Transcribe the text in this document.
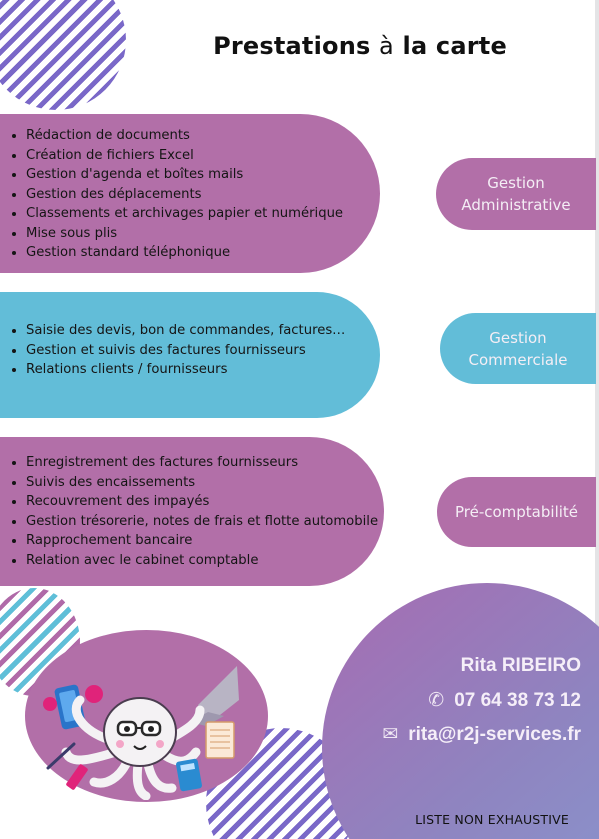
Prestations à la carte
• Rédaction de documents
• Création de fichiers Excel
• Gestion d'agenda et boîtes mails
• Gestion des déplacements
• Classements et archivages papier et numérique
• Mise sous plis
• Gestion standard téléphonique
Gestion
Administrative
• Saisie des devis, bon de commandes, factures…
• Gestion et suivis des factures fournisseurs
• Relations clients / fournisseurs
Gestion
Commerciale
• Enregistrement des factures fournisseurs
• Suivis des encaissements
• Recouvrement des impayés
• Gestion trésorerie, notes de frais et flotte automobile
• Rapprochement bancaire
• Relation avec le cabinet comptable
Pré-comptabilité
Rita RIBEIRO
✆ 07 64 38 73 12
✉ rita@r2j-services.fr
LISTE NON EXHAUSTIVE
